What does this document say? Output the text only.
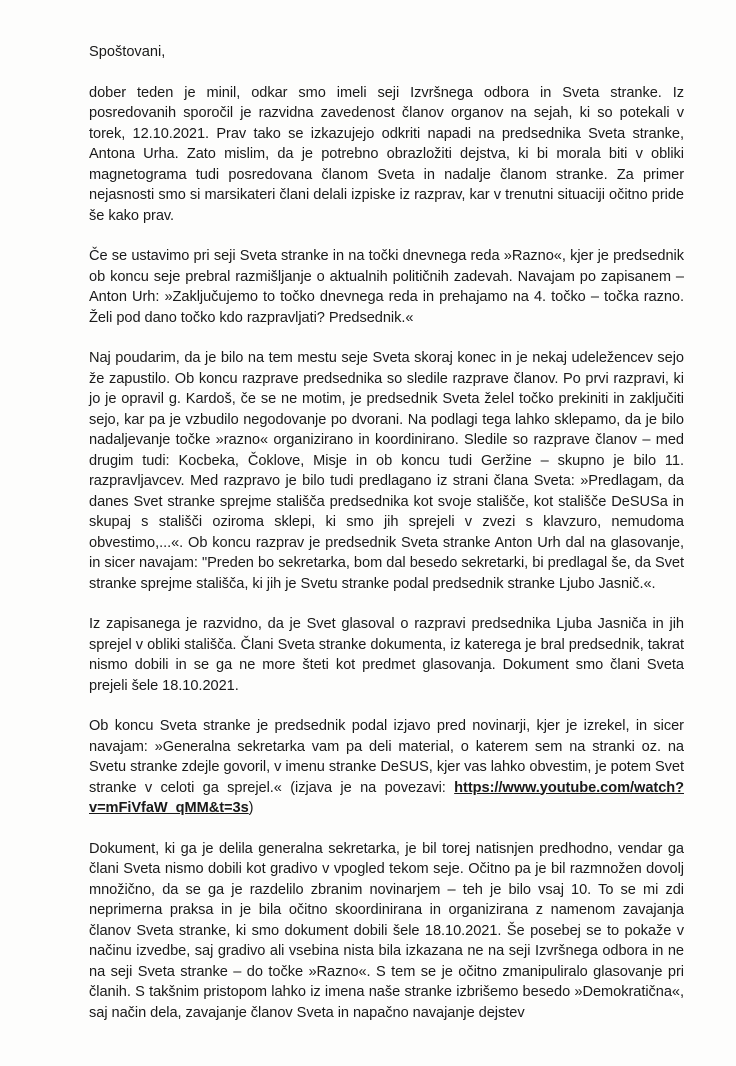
Spoštovani,

dober teden je minil, odkar smo imeli seji Izvršnega odbora in Sveta stranke. Iz posredovanih sporočil je razvidna zavedenost članov organov na sejah, ki so potekali v torek, 12.10.2021. Prav tako se izkazujejo odkriti napadi na predsednika Sveta stranke, Antona Urha. Zato mislim, da je potrebno obrazložiti dejstva, ki bi morala biti v obliki magnetograma tudi posredovana članom Sveta in nadalje članom stranke. Za primer nejasnosti smo si marsikateri člani delali izpiske iz razprav, kar v trenutni situaciji očitno pride še kako prav.

Če se ustavimo pri seji Sveta stranke in na točki dnevnega reda »Razno«, kjer je predsednik ob koncu seje prebral razmišljanje o aktualnih političnih zadevah. Navajam po zapisanem – Anton Urh: »Zaključujemo to točko dnevnega reda in prehajamo na 4. točko – točka razno. Želi pod dano točko kdo razpravljati? Predsednik.«

Naj poudarim, da je bilo na tem mestu seje Sveta skoraj konec in je nekaj udeležencev sejo že zapustilo. Ob koncu razprave predsednika so sledile razprave članov. Po prvi razpravi, ki jo je opravil g. Kardoš, če se ne motim, je predsednik Sveta želel točko prekiniti in zaključiti sejo, kar pa je vzbudilo negodovanje po dvorani. Na podlagi tega lahko sklepamo, da je bilo nadaljevanje točke »razno« organizirano in koordinirano. Sledile so razprave članov – med drugim tudi: Kocbeka, Čoklove, Misje in ob koncu tudi Geržine – skupno je bilo 11. razpravljavcev. Med razpravo je bilo tudi predlagano iz strani člana Sveta: »Predlagam, da danes Svet stranke sprejme stališča predsednika kot svoje stališče, kot stališče DeSUSa in skupaj s stališči oziroma sklepi, ki smo jih sprejeli v zvezi s klavzuro, nemudoma obvestimo,...«. Ob koncu razprav je predsednik Sveta stranke Anton Urh dal na glasovanje, in sicer navajam: "Preden bo sekretarka, bom dal besedo sekretarki, bi predlagal še, da Svet stranke sprejme stališča, ki jih je Svetu stranke podal predsednik stranke Ljubo Jasnič.«.

Iz zapisanega je razvidno, da je Svet glasoval o razpravi predsednika Ljuba Jasniča in jih sprejel v obliki stališča. Člani Sveta stranke dokumenta, iz katerega je bral predsednik, takrat nismo dobili in se ga ne more šteti kot predmet glasovanja. Dokument smo člani Sveta prejeli šele 18.10.2021.

Ob koncu Sveta stranke je predsednik podal izjavo pred novinarji, kjer je izrekel, in sicer navajam: »Generalna sekretarka vam pa deli material, o katerem sem na stranki oz. na Svetu stranke zdejle govoril, v imenu stranke DeSUS, kjer vas lahko obvestim, je potem Svet stranke v celoti ga sprejel.« (izjava je na povezavi: https://www.youtube.com/watch?v=mFiVfaW_qMM&t=3s)

Dokument, ki ga je delila generalna sekretarka, je bil torej natisnjen predhodno, vendar ga člani Sveta nismo dobili kot gradivo v vpogled tekom seje. Očitno pa je bil razmnožen dovolj množično, da se ga je razdelilo zbranim novinarjem – teh je bilo vsaj 10. To se mi zdi neprimerna praksa in je bila očitno skoordinirana in organizirana z namenom zavajanja članov Sveta stranke, ki smo dokument dobili šele 18.10.2021. Še posebej se to pokaže v načinu izvedbe, saj gradivo ali vsebina nista bila izkazana ne na seji Izvršnega odbora in ne na seji Sveta stranke – do točke »Razno«. S tem se je očitno zmanipuliralo glasovanje pri članih. S takšnim pristopom lahko iz imena naše stranke izbrišemo besedo »Demokratična«, saj način dela, zavajanje članov Sveta in napačno navajanje dejstev
